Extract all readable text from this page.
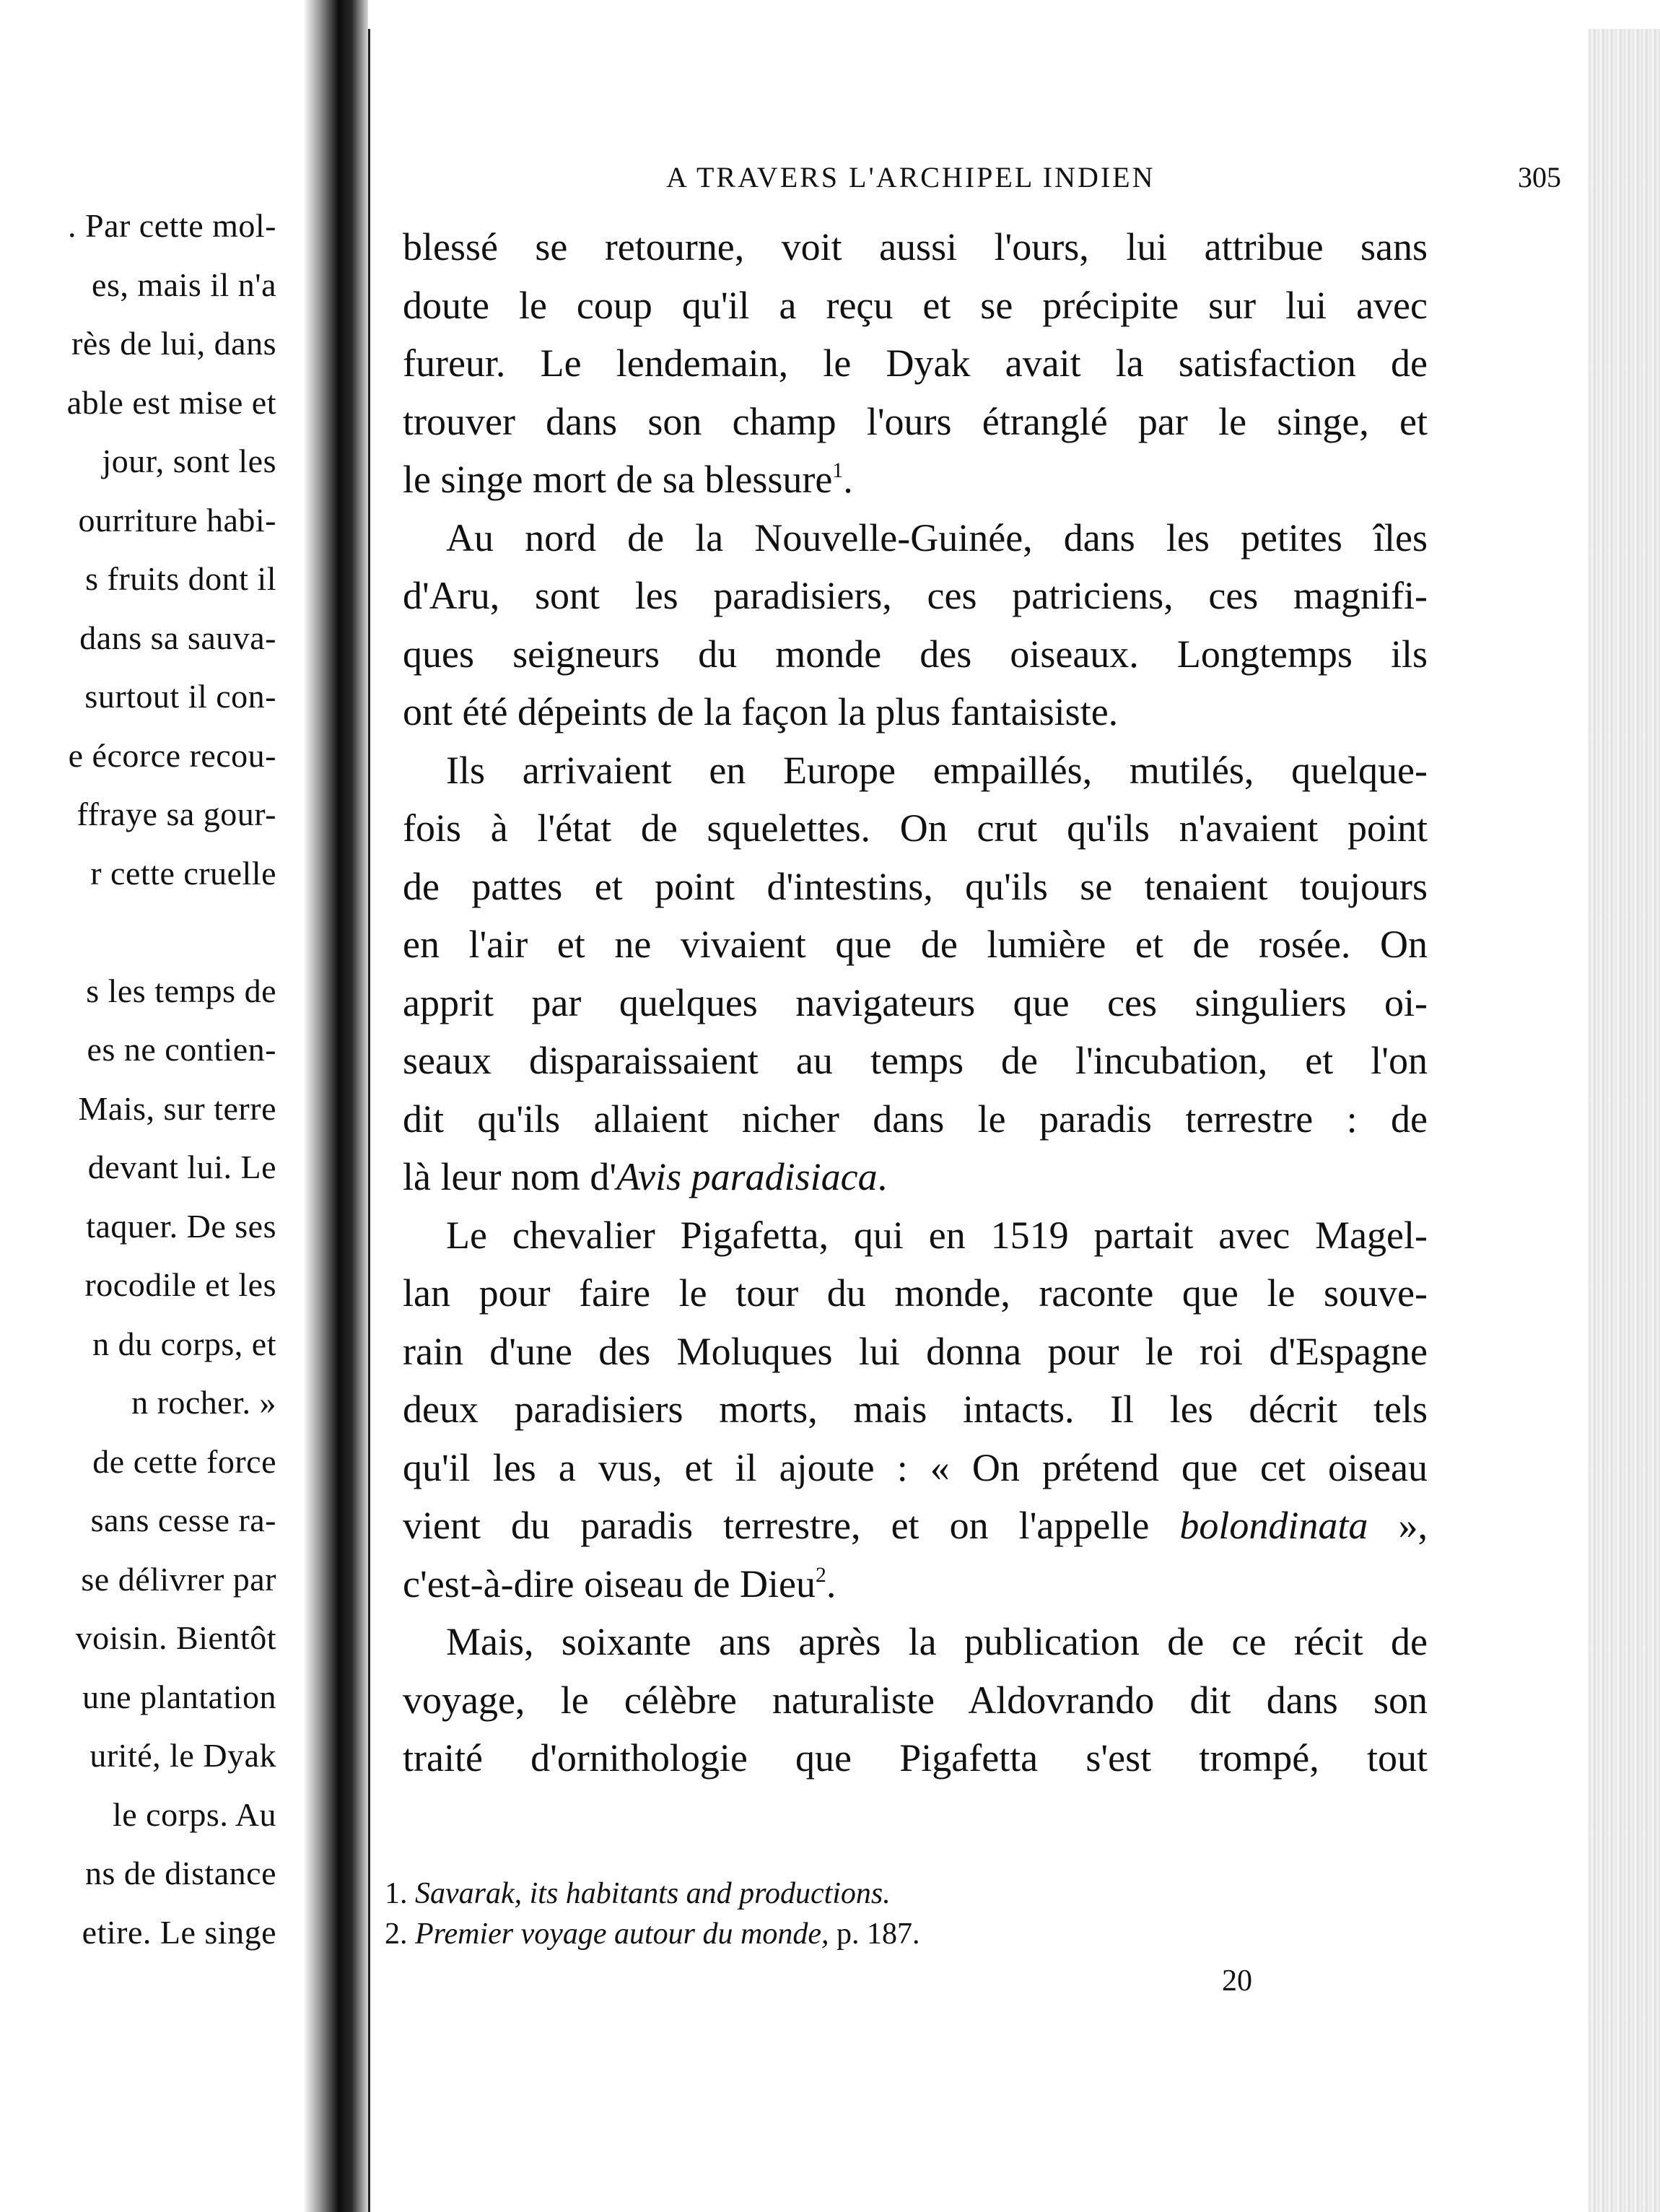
. Par cette mol-
es, mais il n'a
rès de lui, dans
able est mise et
jour, sont les
ourriture habi-
s fruits dont il
dans sa sauva-
surtout il con-
e écorce recou-
ffraye sa gour-
r cette cruelle
s les temps de
es ne contien-
Mais, sur terre
devant lui. Le
taquer. De ses
rocodile et les
n du corps, et
n rocher. »
de cette force
sans cesse ra-
se délivrer par
voisin. Bientôt
une plantation
urité, le Dyak
le corps. Au
ns de distance
etire. Le singe
A TRAVERS L'ARCHIPEL INDIEN	305
blessé se retourne, voit aussi l'ours, lui attribue sans
doute le coup qu'il a reçu et se précipite sur lui avec
fureur. Le lendemain, le Dyak avait la satisfaction de
trouver dans son champ l'ours étranglé par le singe, et
le singe mort de sa blessure$^1$.
Au nord de la Nouvelle-Guinée, dans les petites îles
d'Aru, sont les paradisiers, ces patriciens, ces magnifi-
ques seigneurs du monde des oiseaux. Longtemps ils
ont été dépeints de la façon la plus fantaisiste.
Ils arrivaient en Europe empaillés, mutilés, quelque-
fois à l'état de squelettes. On crut qu'ils n'avaient point
de pattes et point d'intestins, qu'ils se tenaient toujours
en l'air et ne vivaient que de lumière et de rosée. On
apprit par quelques navigateurs que ces singuliers oi-
seaux disparaissaient au temps de l'incubation, et l'on
dit qu'ils allaient nicher dans le paradis terrestre : de
là leur nom d'Avis paradisiaca.
Le chevalier Pigafetta, qui en 1519 partait avec Magel-
lan pour faire le tour du monde, raconte que le souve-
rain d'une des Moluques lui donna pour le roi d'Espagne
deux paradisiers morts, mais intacts. Il les décrit tels
qu'il les a vus, et il ajoute : « On prétend que cet oiseau
vient du paradis terrestre, et on l'appelle bolondinata »,
c'est-à-dire oiseau de Dieu$^2$.
Mais, soixante ans après la publication de ce récit de
voyage, le célèbre naturaliste Aldovrando dit dans son
traité d'ornithologie que Pigafetta s'est trompé, tout
1. Savarak, its habitants and productions.
2. Premier voyage autour du monde, p. 187.
20
